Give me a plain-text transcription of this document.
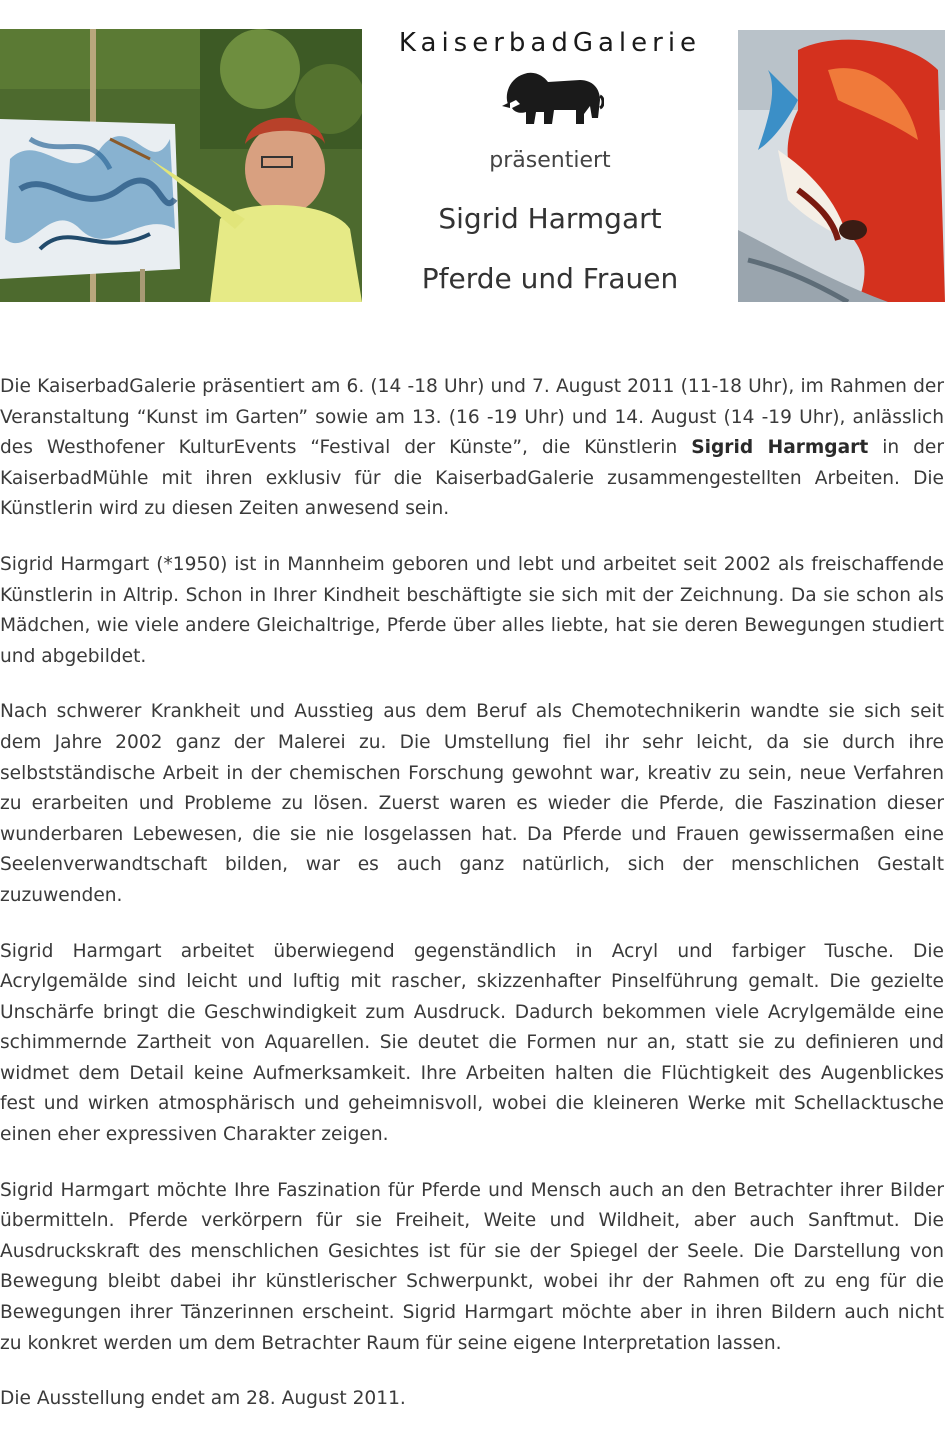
KaiserbadGalerie
präsentiert
Sigrid Harmgart
Pferde und Frauen

Die KaiserbadGalerie präsentiert am 6. (14 -18 Uhr) und 7. August 2011 (11-18 Uhr), im Rahmen der Veranstaltung “Kunst im Garten” sowie am 13. (16 -19 Uhr) und 14. August (14 -19 Uhr), anlässlich des Westhofener KulturEvents “Festival der Künste”, die Künstlerin Sigrid Harmgart in der KaiserbadMühle mit ihren exklusiv für die KaiserbadGalerie zusammengestellten Arbeiten. Die Künstlerin wird zu diesen Zeiten anwesend sein.

Sigrid Harmgart (*1950) ist in Mannheim geboren und lebt und arbeitet seit 2002 als freischaffende Künstlerin in Altrip. Schon in Ihrer Kindheit beschäftigte sie sich mit der Zeichnung. Da sie schon als Mädchen, wie viele andere Gleichaltrige, Pferde über alles liebte, hat sie deren Bewegungen studiert und abgebildet.

Nach schwerer Krankheit und Ausstieg aus dem Beruf als Chemotechnikerin wandte sie sich seit dem Jahre 2002 ganz der Malerei zu. Die Umstellung fiel ihr sehr leicht, da sie durch ihre selbstständische Arbeit in der chemischen Forschung gewohnt war, kreativ zu sein, neue Verfahren zu erarbeiten und Probleme zu lösen. Zuerst waren es wieder die Pferde, die Faszination dieser wunderbaren Lebewesen, die sie nie losgelassen hat. Da Pferde und Frauen gewissermaßen eine Seelenverwandtschaft bilden, war es auch ganz natürlich, sich der menschlichen Gestalt zuzuwenden.

Sigrid Harmgart arbeitet überwiegend gegenständlich in Acryl und farbiger Tusche. Die Acrylgemälde sind leicht und luftig mit rascher, skizzenhafter Pinselführung gemalt. Die gezielte Unschärfe bringt die Geschwindigkeit zum Ausdruck. Dadurch bekommen viele Acrylgemälde eine schimmernde Zartheit von Aquarellen. Sie deutet die Formen nur an, statt sie zu definieren und widmet dem Detail keine Aufmerksamkeit. Ihre Arbeiten halten die Flüchtigkeit des Augenblickes fest und wirken atmosphärisch und geheimnisvoll, wobei die kleineren Werke mit Schellacktusche einen eher expressiven Charakter zeigen.

Sigrid Harmgart möchte Ihre Faszination für Pferde und Mensch auch an den Betrachter ihrer Bilder übermitteln. Pferde verkörpern für sie Freiheit, Weite und Wildheit, aber auch Sanftmut. Die Ausdruckskraft des menschlichen Gesichtes ist für sie der Spiegel der Seele. Die Darstellung von Bewegung bleibt dabei ihr künstlerischer Schwerpunkt, wobei ihr der Rahmen oft zu eng für die Bewegungen ihrer Tänzerinnen erscheint. Sigrid Harmgart möchte aber in ihren Bildern auch nicht zu konkret werden um dem Betrachter Raum für seine eigene Interpretation lassen.

Die Ausstellung endet am 28. August 2011.
